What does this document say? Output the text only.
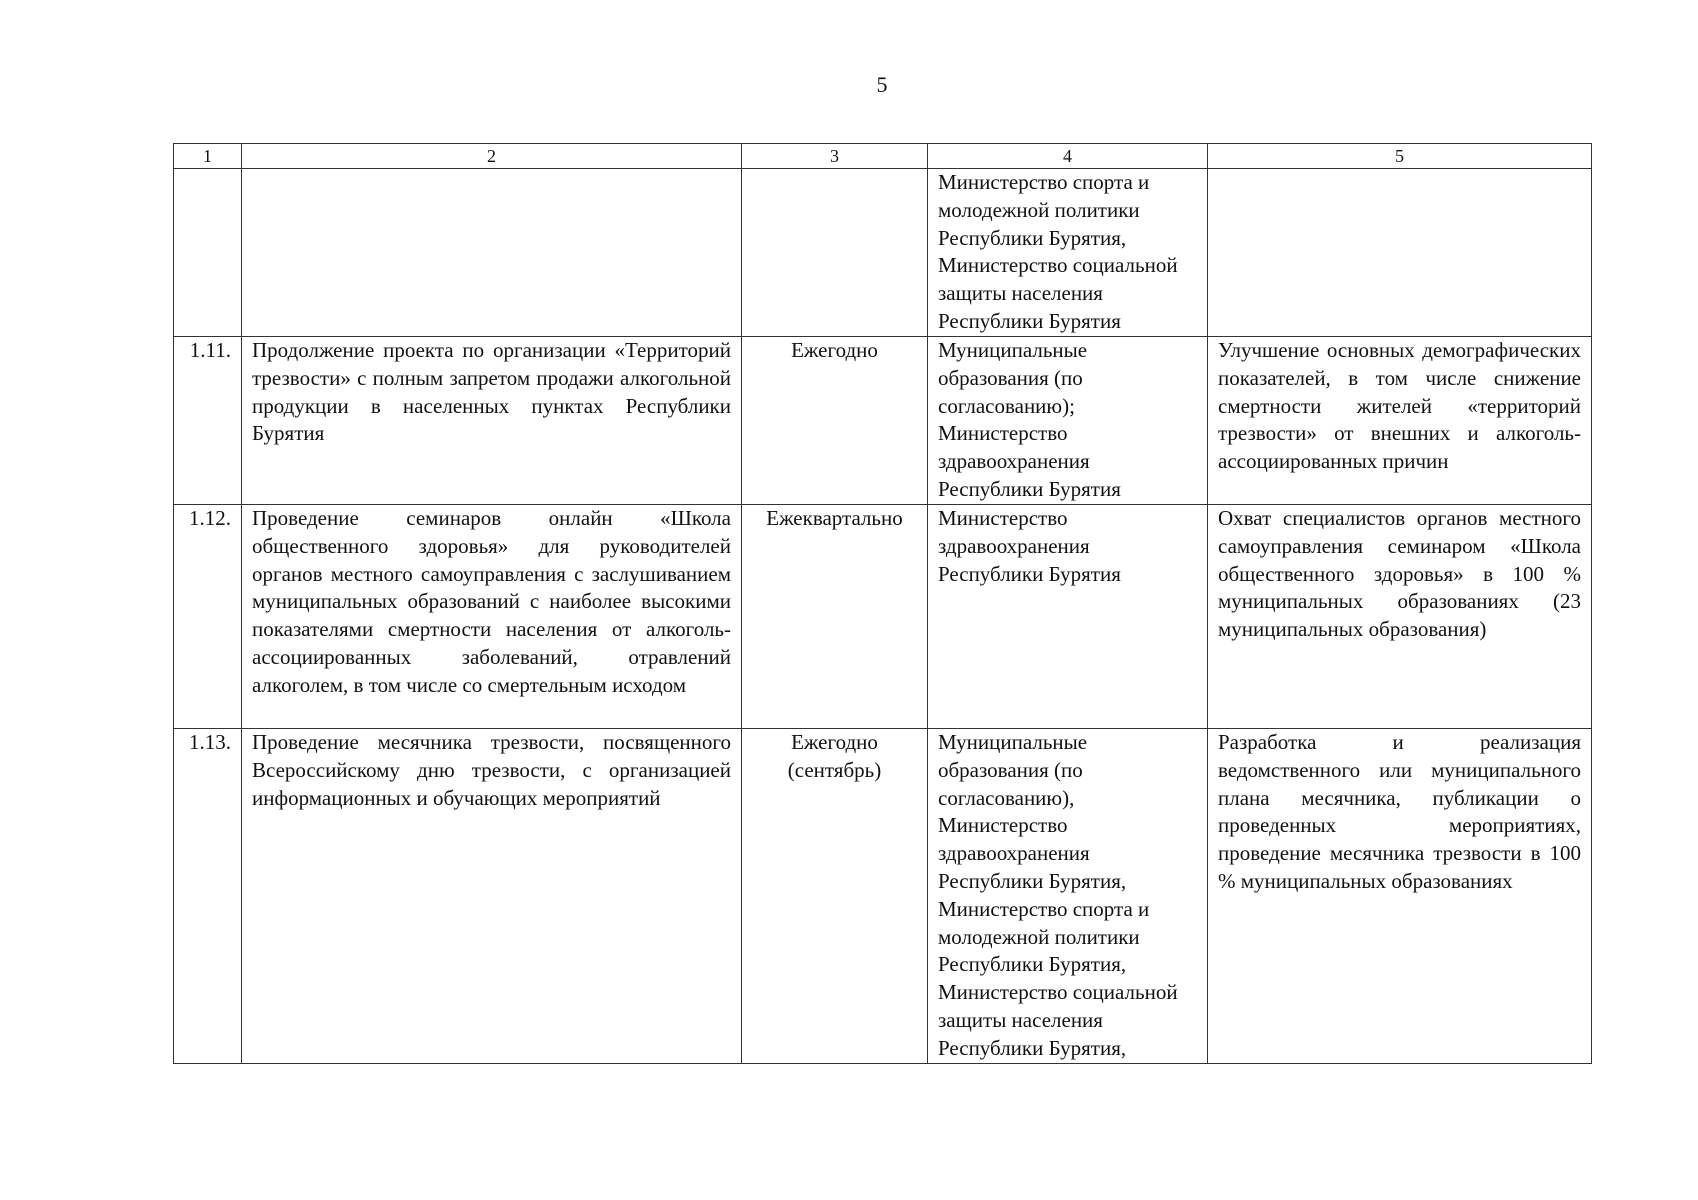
5
1	2	3	4	5
			Министерство спорта и молодежной политики Республики Бурятия, Министерство социальной защиты населения Республики Бурятия	
1.11.	Продолжение проекта по организации «Территорий трезвости» с полным запретом продажи алкогольной продукции в населенных пунктах Республики Бурятия	Ежегодно	Муниципальные образования (по согласованию); Министерство здравоохранения Республики Бурятия	Улучшение основных демографических показателей, в том числе снижение смертности жителей «территорий трезвости» от внешних и алкоголь-ассоциированных причин
1.12.	Проведение семинаров онлайн «Школа общественного здоровья» для руководителей органов местного самоуправления с заслушиванием муниципальных образований с наиболее высокими показателями смертности населения от алкоголь-ассоциированных заболеваний, отравлений алкоголем, в том числе со смертельным исходом	Ежеквартально	Министерство здравоохранения Республики Бурятия	Охват специалистов органов местного самоуправления семинаром «Школа общественного здоровья» в 100 % муниципальных образованиях (23 муниципальных образования)
1.13.	Проведение месячника трезвости, посвященного Всероссийскому дню трезвости, с организацией информационных и обучающих мероприятий	Ежегодно (сентябрь)	Муниципальные образования (по согласованию), Министерство здравоохранения Республики Бурятия, Министерство спорта и молодежной политики Республики Бурятия, Министерство социальной защиты населения Республики Бурятия,	Разработка и реализация ведомственного или муниципального плана месячника, публикации о проведенных мероприятиях, проведение месячника трезвости в 100 % муниципальных образованиях
